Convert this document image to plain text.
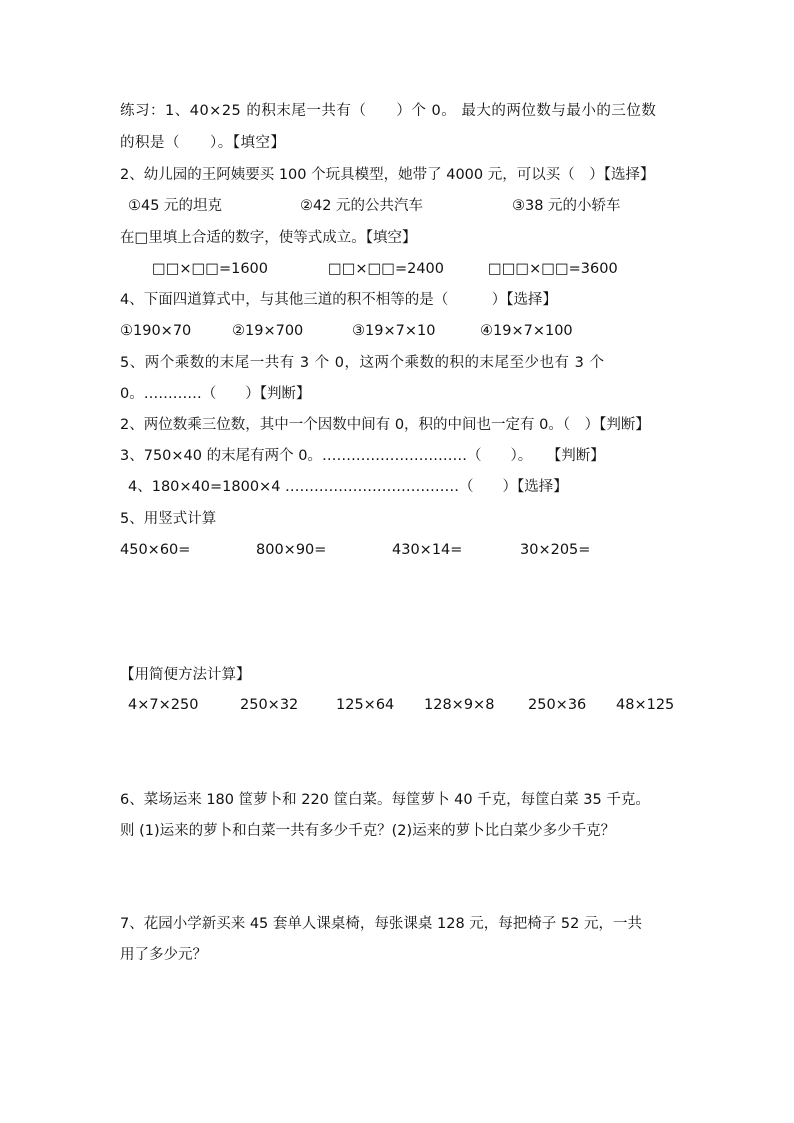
练习：1、40×25 的积末尾一共有（　　）个 0。 最大的两位数与最小的三位数
的积是（　　）。【填空】
2、幼儿园的王阿姨要买 100 个玩具模型，她带了 4000 元，可以买（　）【选择】
①45 元的坦克	②42 元的公共汽车	③38 元的小轿车
在□里填上合适的数字，使等式成立。【填空】
□□×□□=1600	□□×□□=2400	□□□×□□=3600
4、下面四道算式中，与其他三道的积不相等的是（　　　）【选择】
①190×70	②19×700	③19×7×10	④19×7×100
5、两个乘数的末尾一共有 3 个 0，这两个乘数的积的末尾至少也有 3 个
0。…………（　　）【判断】
2、两位数乘三位数，其中一个因数中间有 0，积的中间也一定有 0。（　）【判断】
3、750×40 的末尾有两个 0。…………………………（　　）。　　【判断】
4、180×40=1800×4 ………………………………（　　）【选择】
5、用竖式计算
450×60=	800×90=	430×14=	30×205=
【用简便方法计算】
4×7×250	250×32	125×64 128×9×8 250×36 48×125
6、菜场运来 180 筐萝卜和 220 筐白菜。每筐萝卜 40 千克，每筐白菜 35 千克。
则 (1)运来的萝卜和白菜一共有多少千克？(2)运来的萝卜比白菜少多少千克？
7、花园小学新买来 45 套单人课桌椅，每张课桌 128 元，每把椅子 52 元，一共
用了多少元？
